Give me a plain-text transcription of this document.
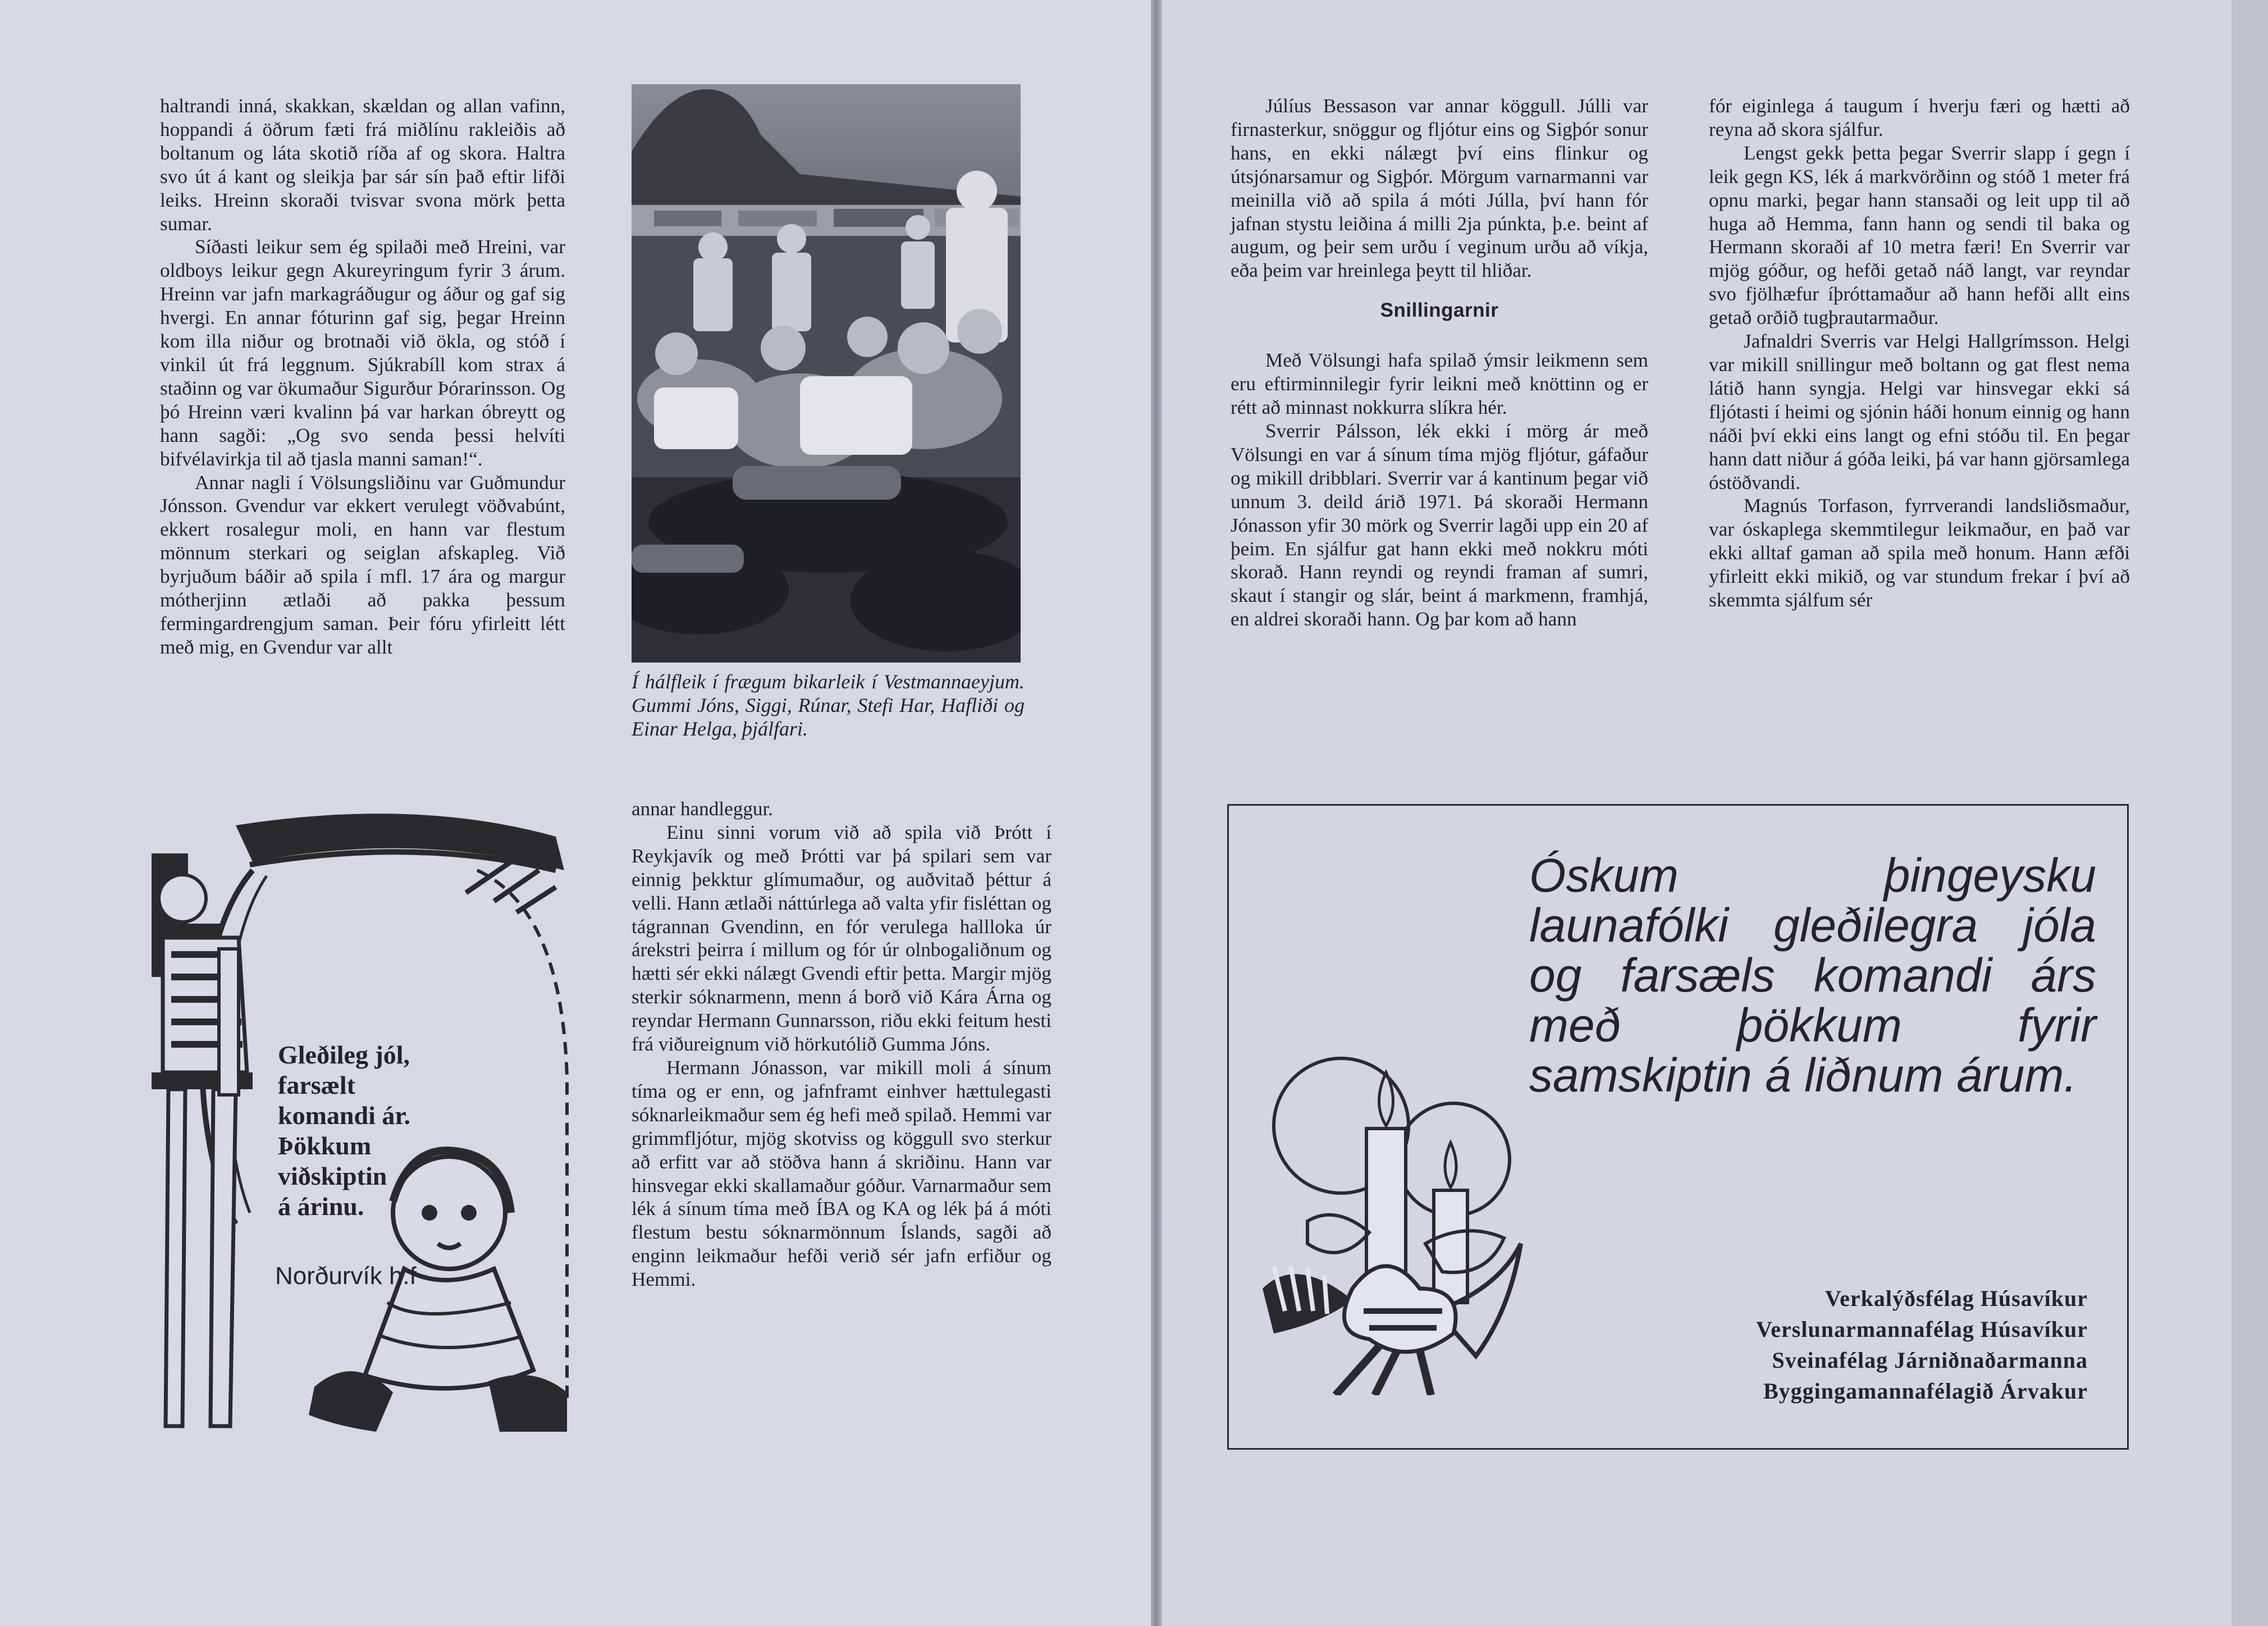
haltrandi inná, skakkan, skældan og allan vafinn, hoppandi á öðrum fæti frá miðlínu rakleiðis að boltanum og láta skotið ríða af og skora. Haltra svo út á kant og sleikja þar sár sín það eftir lifði leiks. Hreinn skoraði tvisvar svona mörk þetta sumar.

Síðasti leikur sem ég spilaði með Hreini, var oldboys leikur gegn Akureyringum fyrir 3 árum. Hreinn var jafn markagráðugur og áður og gaf sig hvergi. En annar fóturinn gaf sig, þegar Hreinn kom illa niður og brotnaði við ökla, og stóð í vinkil út frá leggnum. Sjúkrabíll kom strax á staðinn og var ökumaður Sigurður Þórarinsson. Og þó Hreinn væri kvalinn þá var harkan óbreytt og hann sagði: „Og svo senda þessi helvíti bifvélavirkja til að tjasla manni saman!“.

Annar nagli í Völsungsliðinu var Guðmundur Jónsson. Gvendur var ekkert verulegt vöðvabúnt, ekkert rosalegur moli, en hann var flestum mönnum sterkari og seiglan afskapleg. Við byrjuðum báðir að spila í mfl. 17 ára og margur mótherjinn ætlaði að pakka þessum fermingardrengjum saman. Þeir fóru yfirleitt létt með mig, en Gvendur var allt

Í hálfleik í frægum bikarleik í Vestmannaeyjum. Gummi Jóns, Siggi, Rúnar, Stefi Har, Hafliði og Einar Helga, þjálfari.
Gleðileg jól,
farsælt
komandi ár.
Þökkum
viðskiptin
á árinu.
Norðurvík h.f

annar handleggur.

Einu sinni vorum við að spila við Þrótt í Reykjavík og með Þrótti var þá spilari sem var einnig þekktur glímumaður, og auðvitað þéttur á velli. Hann ætlaði náttúrlega að valta yfir fisléttan og tágrannan Gvendinn, en fór verulega hallloka úr árekstri þeirra í millum og fór úr olnbogaliðnum og hætti sér ekki nálægt Gvendi eftir þetta. Margir mjög sterkir sóknarmenn, menn á borð við Kára Árna og reyndar Hermann Gunnarsson, riðu ekki feitum hesti frá viðureignum við hörkutólið Gumma Jóns.

Hermann Jónasson, var mikill moli á sínum tíma og er enn, og jafnframt einhver hættulegasti sóknarleikmaður sem ég hefi með spilað. Hemmi var grimmfljótur, mjög skotviss og köggull svo sterkur að erfitt var að stöðva hann á skriðinu. Hann var hinsvegar ekki skallamaður góður. Varnarmaður sem lék á sínum tíma með ÍBA og KA og lék þá á móti flestum bestu sóknarmönnum Íslands, sagði að enginn leikmaður hefði verið sér jafn erfiður og Hemmi.

Júlíus Bessason var annar köggull. Júlli var firnasterkur, snöggur og fljótur eins og Sigþór sonur hans, en ekki nálægt því eins flinkur og útsjónarsamur og Sigþór. Mörgum varnarmanni var meinilla við að spila á móti Júlla, því hann fór jafnan stystu leiðina á milli 2ja púnkta, þ.e. beint af augum, og þeir sem urðu í veginum urðu að víkja, eða þeim var hreinlega þeytt til hliðar.

Snillingarnir

Með Völsungi hafa spilað ýmsir leikmenn sem eru eftirminnilegir fyrir leikni með knöttinn og er rétt að minnast nokkurra slíkra hér.

Sverrir Pálsson, lék ekki í mörg ár með Völsungi en var á sínum tíma mjög fljótur, gáfaður og mikill dribblari. Sverrir var á kantinum þegar við unnum 3. deild árið 1971. Þá skoraði Hermann Jónasson yfir 30 mörk og Sverrir lagði upp ein 20 af þeim. En sjálfur gat hann ekki með nokkru móti skorað. Hann reyndi og reyndi framan af sumri, skaut í stangir og slár, beint á markmenn, framhjá, en aldrei skoraði hann. Og þar kom að hann

fór eiginlega á taugum í hverju færi og hætti að reyna að skora sjálfur.

Lengst gekk þetta þegar Sverrir slapp í gegn í leik gegn KS, lék á markvörðinn og stóð 1 meter frá opnu marki, þegar hann stansaði og leit upp til að huga að Hemma, fann hann og sendi til baka og Hermann skoraði af 10 metra færi! En Sverrir var mjög góður, og hefði getað náð langt, var reyndar svo fjölhæfur íþróttamaður að hann hefði allt eins getað orðið tugþrautarmaður.

Jafnaldri Sverris var Helgi Hallgrímsson. Helgi var mikill snillingur með boltann og gat flest nema látið hann syngja. Helgi var hinsvegar ekki sá fljótasti í heimi og sjónin háði honum einnig og hann náði því ekki eins langt og efni stóðu til. En þegar hann datt niður á góða leiki, þá var hann gjörsamlega óstöðvandi.

Magnús Torfason, fyrrverandi landsliðsmaður, var óskaplega skemmtilegur leikmaður, en það var ekki alltaf gaman að spila með honum. Hann æfði yfirleitt ekki mikið, og var stundum frekar í því að skemmta sjálfum sér

Óskum þingeysku launafólki gleðilegra jóla og farsæls komandi árs með þökkum fyrir samskiptin á liðnum árum.
Verkalýðsfélag Húsavíkur
Verslunarmannafélag Húsavíkur
Sveinafélag Járniðnaðarmanna
Byggingamannafélagið Árvakur
